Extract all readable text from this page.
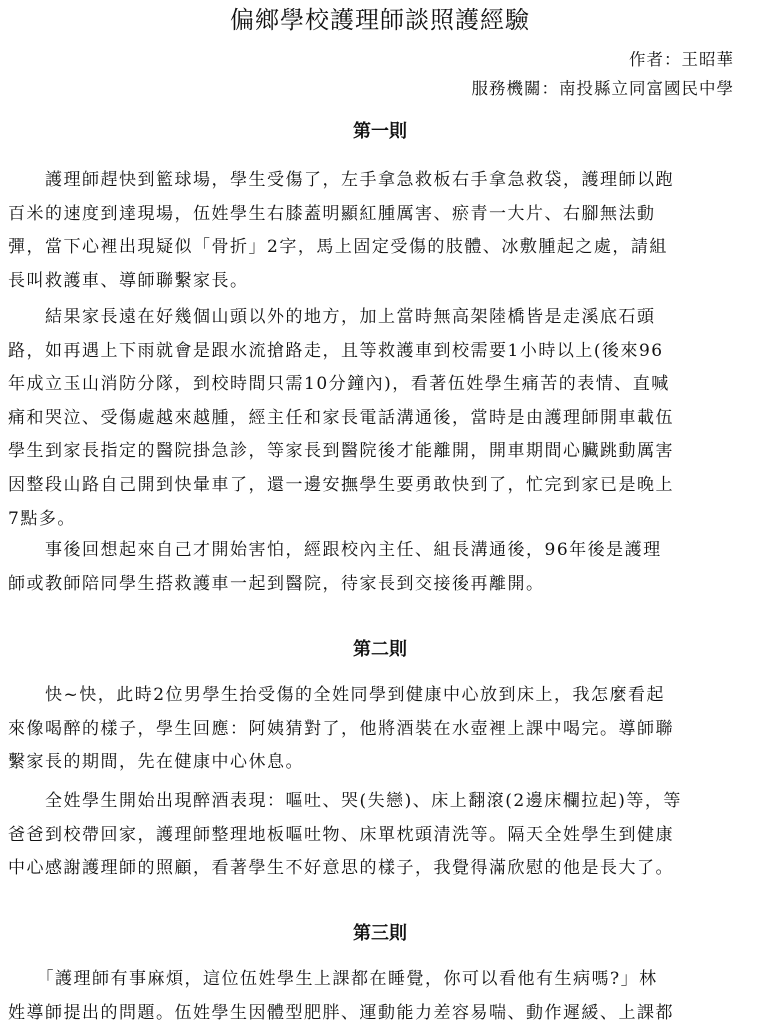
偏鄉學校護理師談照護經驗
作者：王昭華
服務機關：南投縣立同富國民中學
第一則
　　護理師趕快到籃球場，學生受傷了，左手拿急救板右手拿急救袋，護理師以跑
百米的速度到達現場，伍姓學生右膝蓋明顯紅腫厲害、瘀青一大片、右腳無法動
彈，當下心裡出現疑似「骨折」2字，馬上固定受傷的肢體、冰敷腫起之處，請組
長叫救護車、導師聯繫家長。
　　結果家長遠在好幾個山頭以外的地方，加上當時無高架陸橋皆是走溪底石頭
路，如再遇上下雨就會是跟水流搶路走，且等救護車到校需要1小時以上(後來96
年成立玉山消防分隊，到校時間只需10分鐘內)，看著伍姓學生痛苦的表情、直喊
痛和哭泣、受傷處越來越腫，經主任和家長電話溝通後，當時是由護理師開車載伍
學生到家長指定的醫院掛急診，等家長到醫院後才能離開，開車期間心臟跳動厲害
因整段山路自己開到快暈車了，還一邊安撫學生要勇敢快到了，忙完到家已是晚上
7點多。
　　事後回想起來自己才開始害怕，經跟校內主任、組長溝通後，96年後是護理
師或教師陪同學生搭救護車一起到醫院，待家長到交接後再離開。
第二則
　　快~快，此時2位男學生抬受傷的全姓同學到健康中心放到床上，我怎麼看起
來像喝醉的樣子，學生回應：阿姨猜對了，他將酒裝在水壺裡上課中喝完。導師聯
繫家長的期間，先在健康中心休息。
　　全姓學生開始出現醉酒表現：嘔吐、哭(失戀)、床上翻滾(2邊床欄拉起)等，等
爸爸到校帶回家，護理師整理地板嘔吐物、床單枕頭清洗等。隔天全姓學生到健康
中心感謝護理師的照顧，看著學生不好意思的樣子，我覺得滿欣慰的他是長大了。
第三則
　　「護理師有事麻煩，這位伍姓學生上課都在睡覺，你可以看他有生病嗎?」林
姓導師提出的問題。伍姓學生因體型肥胖、運動能力差容易喘、動作遲緩、上課都
